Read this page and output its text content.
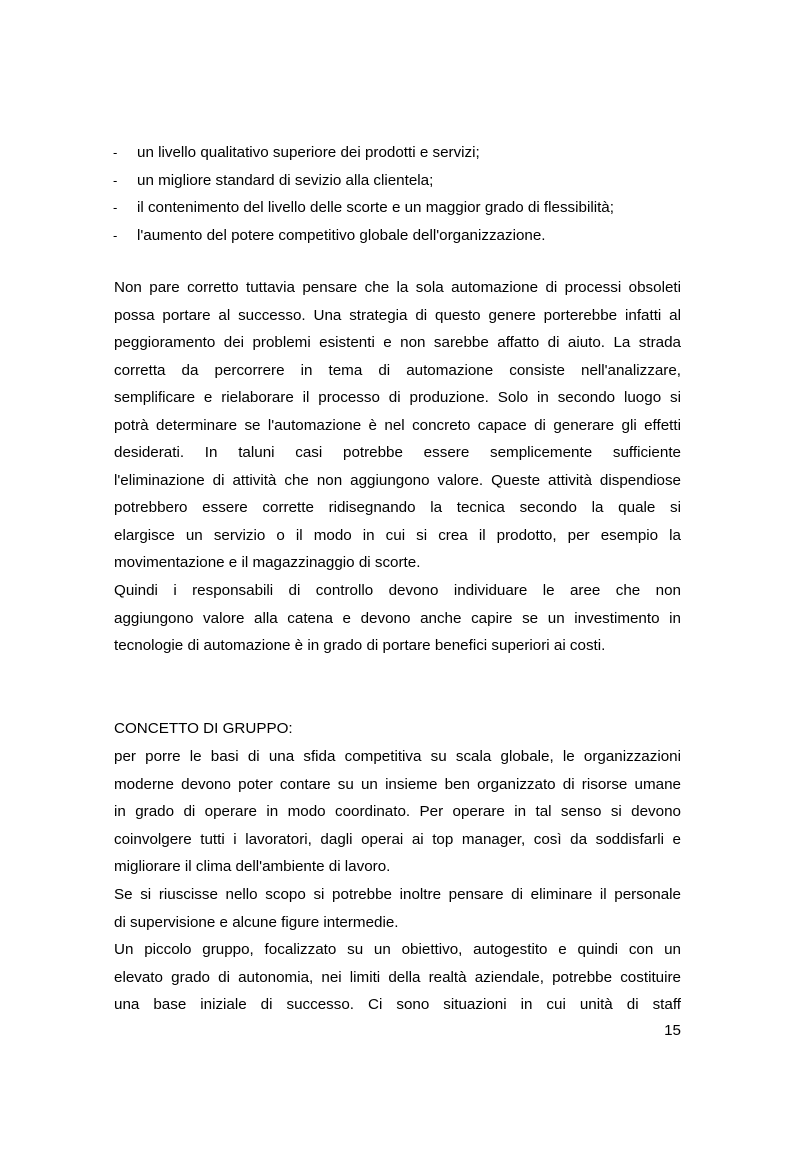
- un livello qualitativo superiore dei prodotti e servizi;
- un migliore standard di sevizio alla clientela;
- il contenimento del livello delle scorte e un maggior grado di flessibilità;
- l'aumento del potere competitivo globale dell'organizzazione.

Non pare corretto tuttavia pensare che la sola automazione di processi obsoleti
possa portare al successo. Una strategia di questo genere porterebbe infatti al
peggioramento dei problemi esistenti e non sarebbe affatto di aiuto. La strada
corretta da percorrere in tema di automazione consiste nell'analizzare,
semplificare e rielaborare il processo di produzione. Solo in secondo luogo si
potrà determinare se l'automazione è nel concreto capace di generare gli effetti
desiderati. In taluni casi potrebbe essere semplicemente sufficiente
l'eliminazione di attività che non aggiungono valore. Queste attività dispendiose
potrebbero essere corrette ridisegnando la tecnica secondo la quale si
elargisce un servizio o il modo in cui si crea il prodotto, per esempio la
movimentazione e il magazzinaggio di scorte.

Quindi i responsabili di controllo devono individuare le aree che non
aggiungono valore alla catena e devono anche capire se un investimento in
tecnologie di automazione è in grado di portare benefici superiori ai costi.

CONCETTO DI GRUPPO:

per porre le basi di una sfida competitiva su scala globale, le organizzazioni
moderne devono poter contare su un insieme ben organizzato di risorse umane
in grado di operare in modo coordinato. Per operare in tal senso si devono
coinvolgere tutti i lavoratori, dagli operai ai top manager, così da soddisfarli e
migliorare il clima dell'ambiente di lavoro.

Se si riuscisse nello scopo si potrebbe inoltre pensare di eliminare il personale
di supervisione e alcune figure intermedie.

Un piccolo gruppo, focalizzato su un obiettivo, autogestito e quindi con un
elevato grado di autonomia, nei limiti della realtà aziendale, potrebbe costituire
una base iniziale di successo. Ci sono situazioni in cui unità di staff

15
